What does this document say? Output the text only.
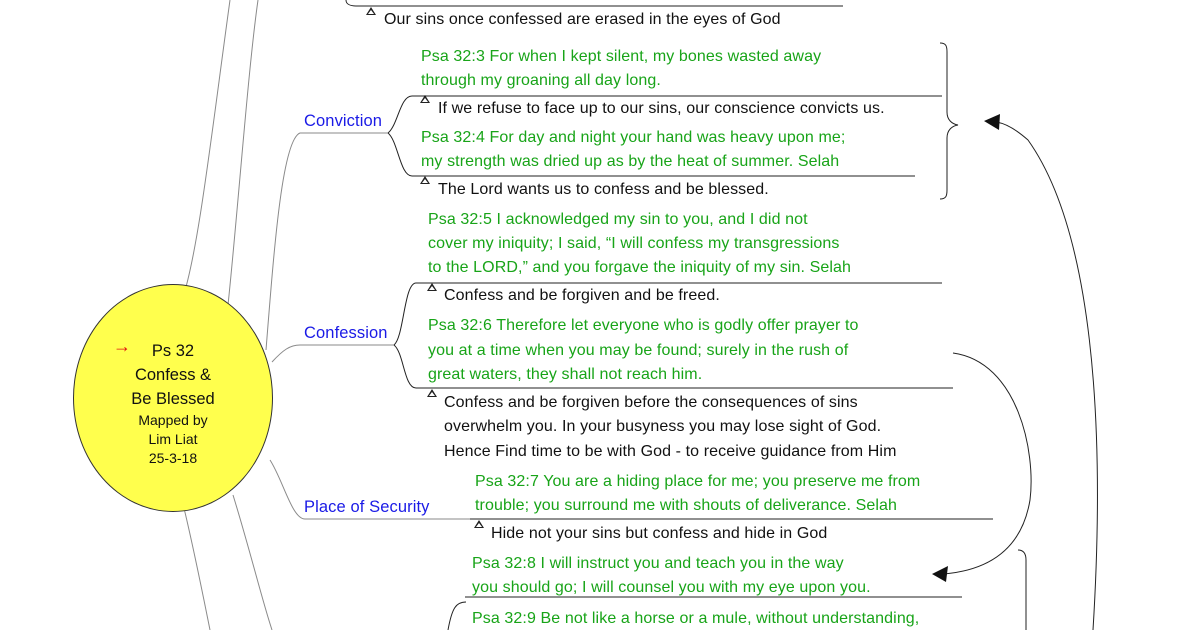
Our sins once confessed are erased in the eyes of God

Conviction

Psa 32:3 For when I kept silent, my bones wasted away

through my groaning all day long.

If we refuse to face up to our sins, our conscience convicts us.

Psa 32:4 For day and night your hand was heavy upon me;

my strength was dried up as by the heat of summer. Selah

The Lord wants us to confess and be blessed.

Confession

Psa 32:5 I acknowledged my sin to you, and I did not

cover my iniquity; I said, “I will confess my transgressions

to the LORD,” and you forgave the iniquity of my sin. Selah

Confess and be forgiven and be freed.

Psa 32:6 Therefore let everyone who is godly offer prayer to

you at a time when you may be found; surely in the rush of

great waters, they shall not reach him.

Confess and be forgiven before the consequences of sins

overwhelm you. In your busyness you may lose sight of God.

Hence Find time to be with God - to receive guidance from Him

Place of Security

Psa 32:7 You are a hiding place for me; you preserve me from

trouble; you surround me with shouts of deliverance. Selah

Hide not your sins but confess and hide in God

Psa 32:8 I will instruct you and teach you in the way

you should go; I will counsel you with my eye upon you.

Psa 32:9 Be not like a horse or a mule, without understanding,

Ps 32

Confess &

Be Blessed

Mapped by

Lim Liat

25-3-18

→
